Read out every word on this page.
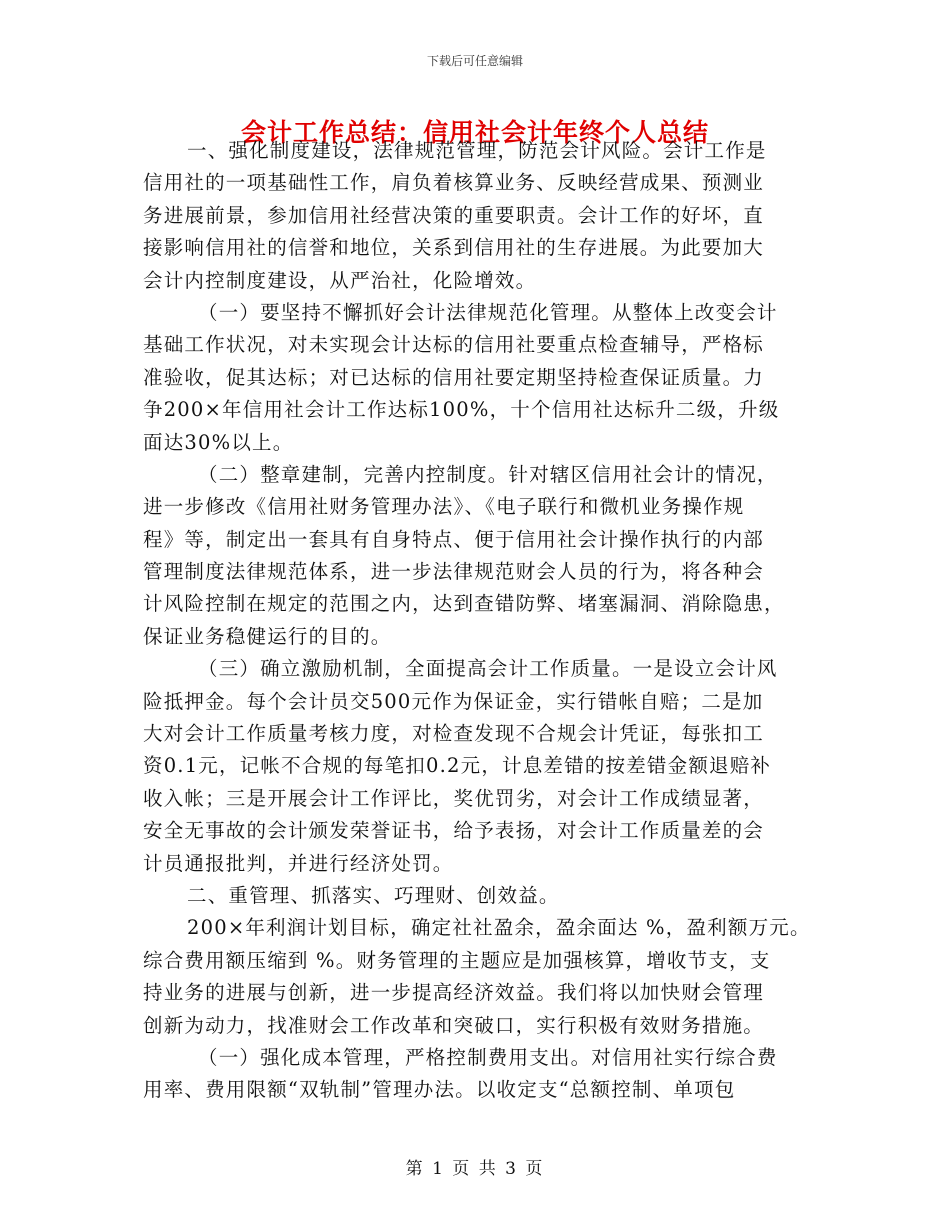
下载后可任意编辑
会计工作总结：信用社会计年终个人总结
一、强化制度建设，法律规范管理，防范会计风险。会计工作是
信用社的一项基础性工作，肩负着核算业务、反映经营成果、预测业
务进展前景，参加信用社经营决策的重要职责。会计工作的好坏，直
接影响信用社的信誉和地位，关系到信用社的生存进展。为此要加大
会计内控制度建设，从严治社，化险增效。
（一）要坚持不懈抓好会计法律规范化管理。从整体上改变会计
基础工作状况，对未实现会计达标的信用社要重点检查辅导，严格标
准验收，促其达标；对已达标的信用社要定期坚持检查保证质量。力
争200×年信用社会计工作达标100%，十个信用社达标升二级，升级
面达30%以上。
（二）整章建制，完善内控制度。针对辖区信用社会计的情况，
进一步修改《信用社财务管理办法》、《电子联行和微机业务操作规
程》等，制定出一套具有自身特点、便于信用社会计操作执行的内部
管理制度法律规范体系，进一步法律规范财会人员的行为，将各种会
计风险控制在规定的范围之内，达到查错防弊、堵塞漏洞、消除隐患，
保证业务稳健运行的目的。
（三）确立激励机制，全面提高会计工作质量。一是设立会计风
险抵押金。每个会计员交500元作为保证金，实行错帐自赔；二是加
大对会计工作质量考核力度，对检查发现不合规会计凭证，每张扣工
资0.1元，记帐不合规的每笔扣0.2元，计息差错的按差错金额退赔补
收入帐；三是开展会计工作评比，奖优罚劣，对会计工作成绩显著，
安全无事故的会计颁发荣誉证书，给予表扬，对会计工作质量差的会
计员通报批判，并进行经济处罚。
二、重管理、抓落实、巧理财、创效益。
200×年利润计划目标，确定社社盈余，盈余面达 %，盈利额万元。
综合费用额压缩到 %。财务管理的主题应是加强核算，增收节支，支
持业务的进展与创新，进一步提高经济效益。我们将以加快财会管理
创新为动力，找准财会工作改革和突破口，实行积极有效财务措施。
（一）强化成本管理，严格控制费用支出。对信用社实行综合费
用率、费用限额“双轨制”管理办法。以收定支“总额控制、单项包
第 1 页 共 3 页
